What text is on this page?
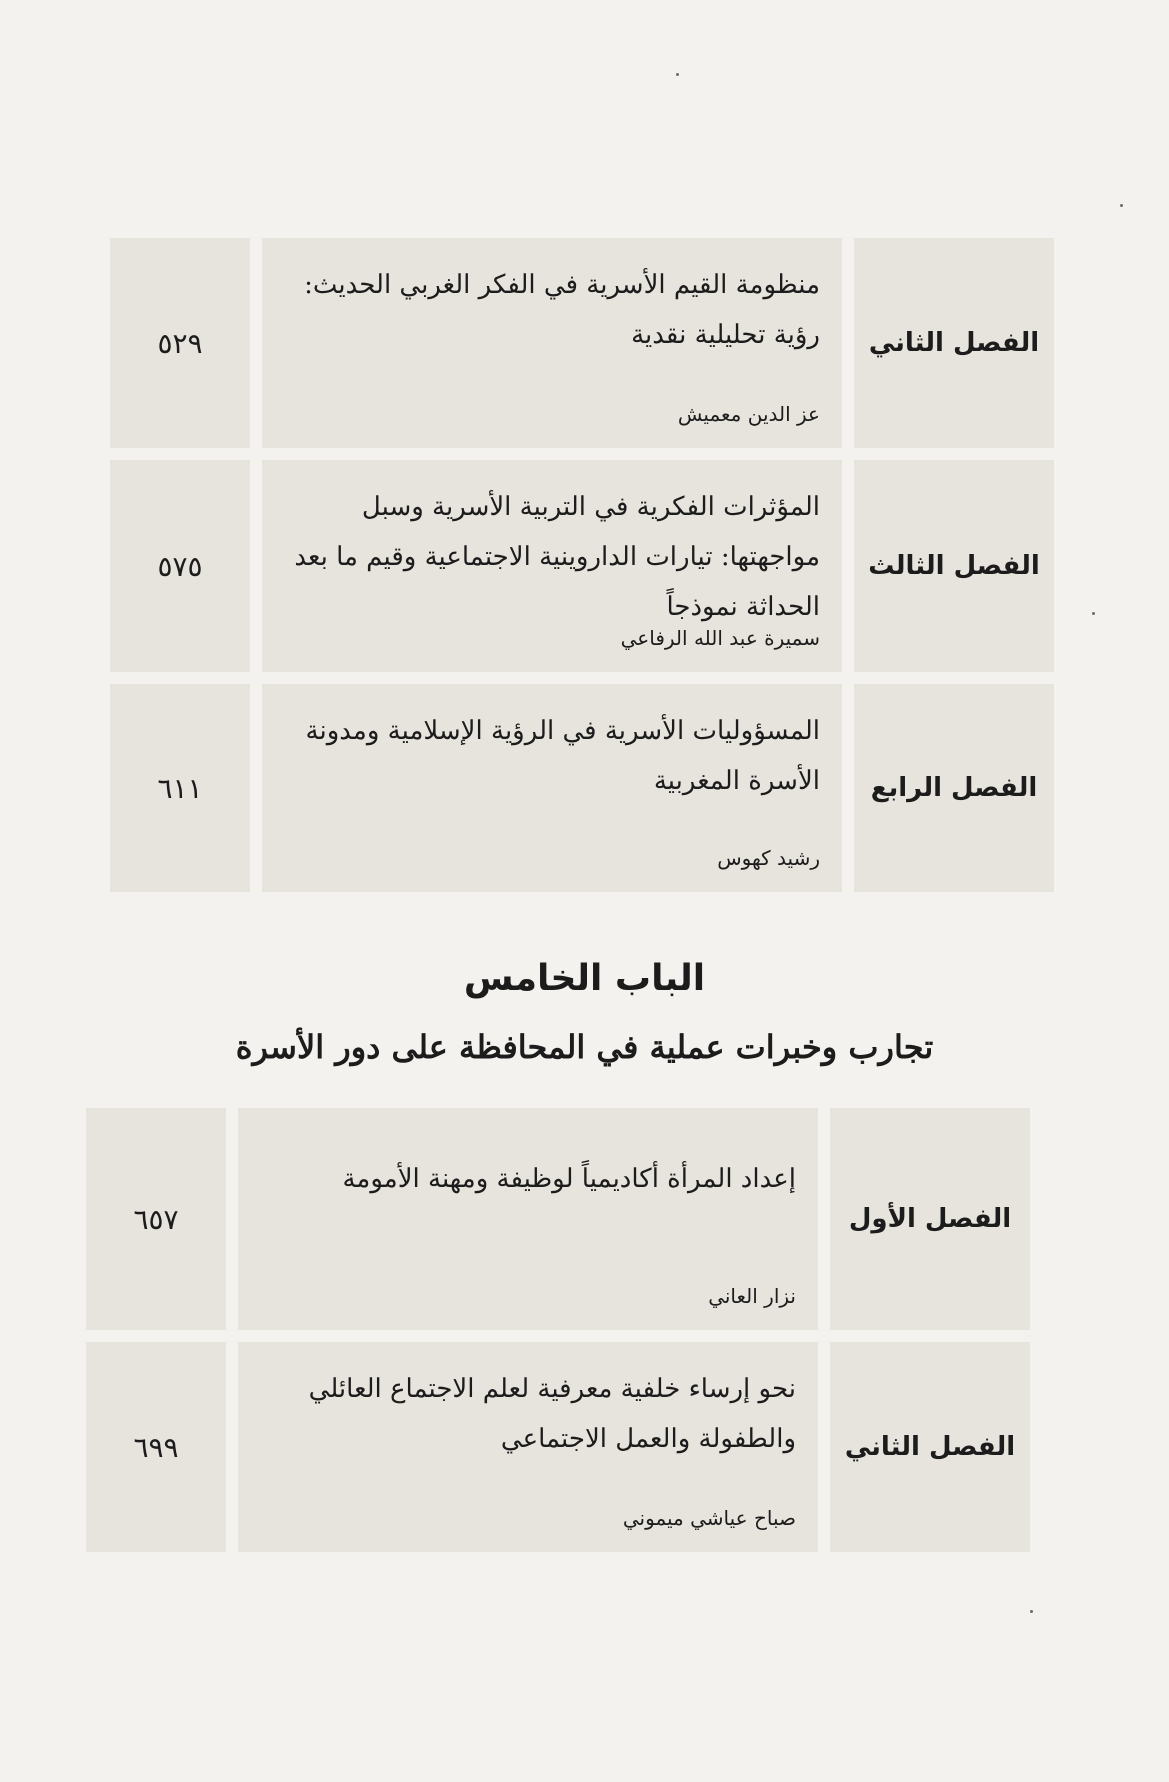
٥٢٩
منظومة القيم الأسرية في الفكر الغربي الحديث: رؤية تحليلية نقدية
عز الدين معميش
الفصل الثاني
٥٧٥
المؤثرات الفكرية في التربية الأسرية وسبل مواجهتها: تيارات الداروينية الاجتماعية وقيم ما بعد الحداثة نموذجاً
سميرة عبد الله الرفاعي
الفصل الثالث
٦١١
المسؤوليات الأسرية في الرؤية الإسلامية ومدونة الأسرة المغربية
رشيد كهوس
الفصل الرابع
الباب الخامس
تجارب وخبرات عملية في المحافظة على دور الأسرة
٦٥٧
إعداد المرأة أكاديمياً لوظيفة ومهنة الأمومة
نزار العاني
الفصل الأول
٦٩٩
نحو إرساء خلفية معرفية لعلم الاجتماع العائلي والطفولة والعمل الاجتماعي
صباح عياشي ميموني
الفصل الثاني
